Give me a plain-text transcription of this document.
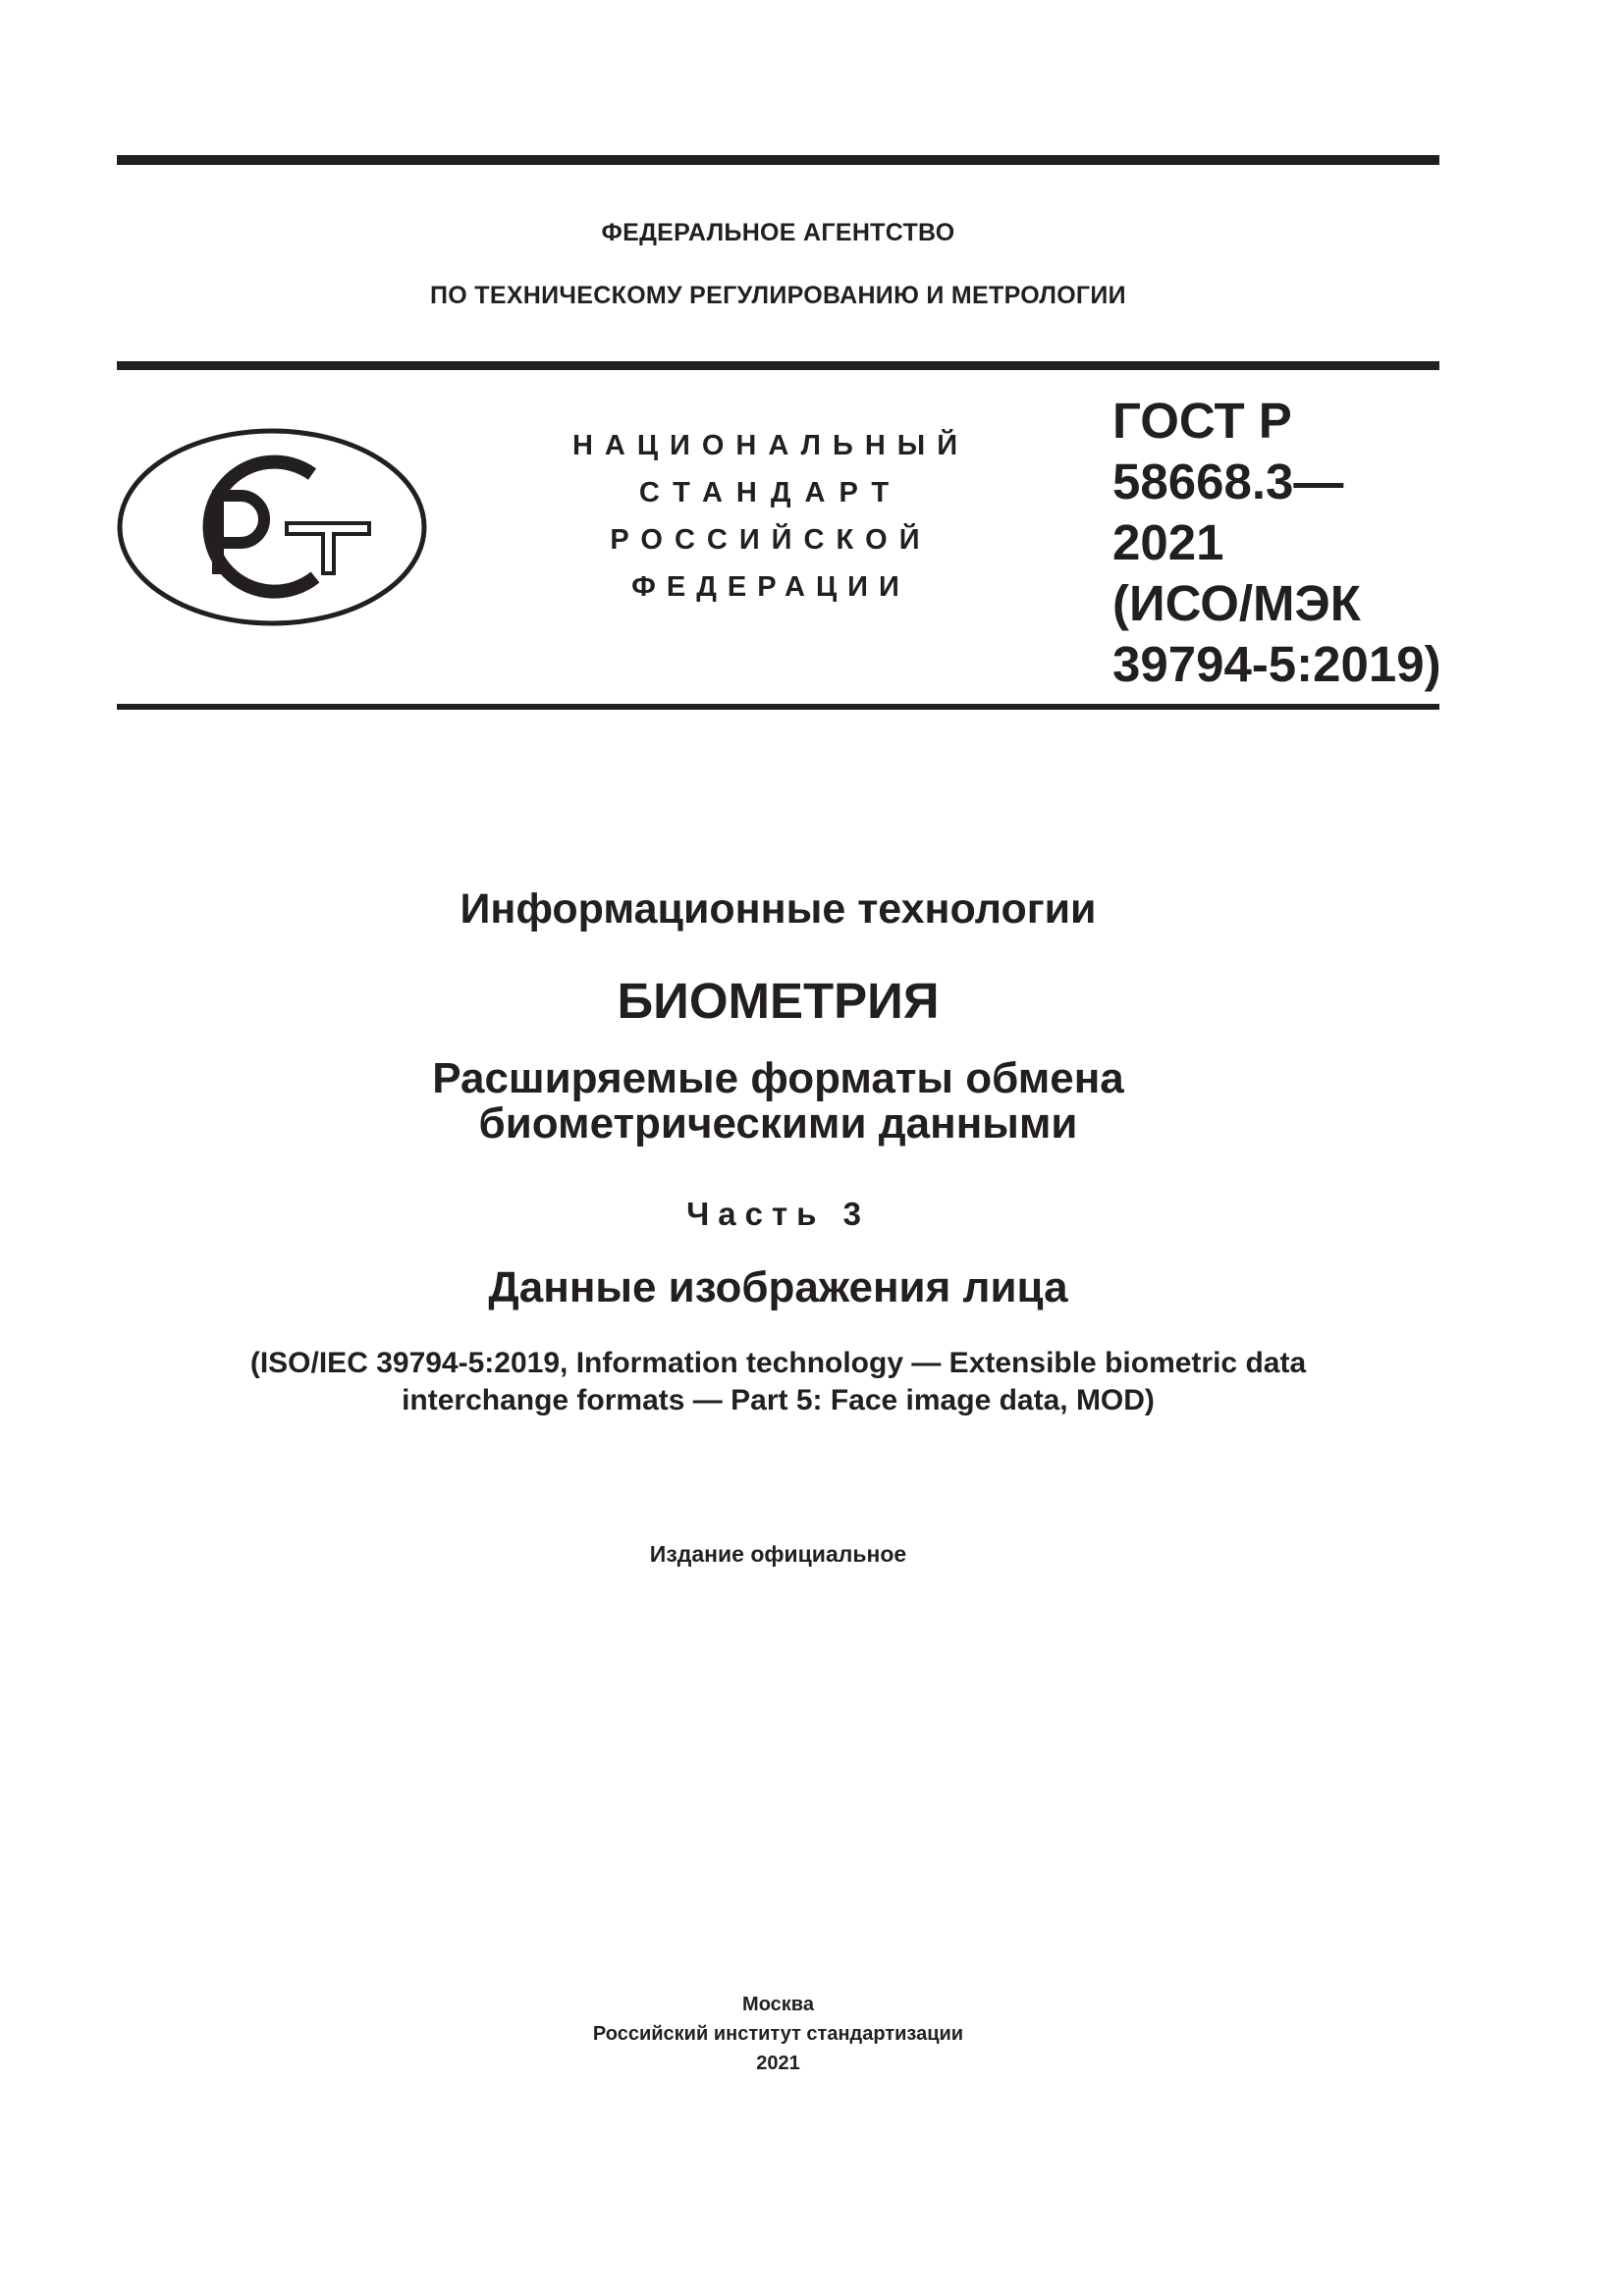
ФЕДЕРАЛЬНОЕ АГЕНТСТВО
ПО ТЕХНИЧЕСКОМУ РЕГУЛИРОВАНИЮ И МЕТРОЛОГИИ
НАЦИОНАЛЬНЫЙ
СТАНДАРТ
РОССИЙСКОЙ
ФЕДЕРАЦИИ
ГОСТ Р
58668.3—
2021
(ИСО/МЭК
39794-5:2019)
Информационные технологии
БИОМЕТРИЯ
Расширяемые форматы обмена
биометрическими данными
Часть 3
Данные изображения лица
(ISO/IEC 39794-5:2019, Information technology — Extensible biometric data
interchange formats — Part 5: Face image data, MOD)
Издание официальное
Москва
Российский институт стандартизации
2021
